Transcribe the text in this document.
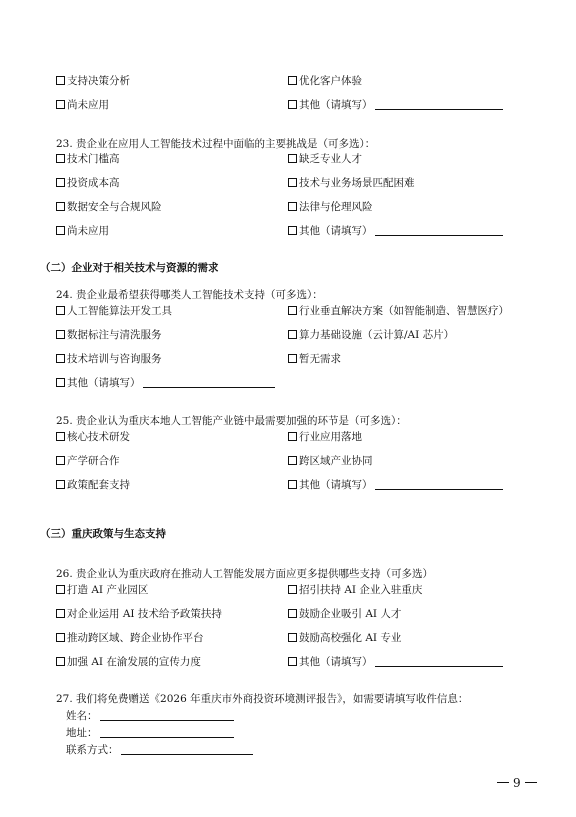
支持决策分析	优化客户体验
尚未应用	其他（请填写）
23. 贵企业在应用人工智能技术过程中面临的主要挑战是（可多选）：
技术门槛高	缺乏专业人才
投资成本高	技术与业务场景匹配困难
数据安全与合规风险	法律与伦理风险
尚未应用	其他（请填写）
（二）企业对于相关技术与资源的需求
24. 贵企业最希望获得哪类人工智能技术支持（可多选）：
人工智能算法开发工具	行业垂直解决方案（如智能制造、智慧医疗）
数据标注与清洗服务	算力基础设施（云计算/AI 芯片）
技术培训与咨询服务	暂无需求
其他（请填写）
25. 贵企业认为重庆本地人工智能产业链中最需要加强的环节是（可多选）：
核心技术研发	行业应用落地
产学研合作	跨区域产业协同
政策配套支持	其他（请填写）
（三）重庆政策与生态支持
26. 贵企业认为重庆政府在推动人工智能发展方面应更多提供哪些支持（可多选）
打造 AI 产业园区	招引扶持 AI 企业入驻重庆
对企业运用 AI 技术给予政策扶持	鼓励企业吸引 AI 人才
推动跨区域、跨企业协作平台	鼓励高校强化 AI 专业
加强 AI 在渝发展的宣传力度	其他（请填写）
27. 我们将免费赠送《2026 年重庆市外商投资环境测评报告》，如需要请填写收件信息：
姓名：
地址：
联系方式：
9
